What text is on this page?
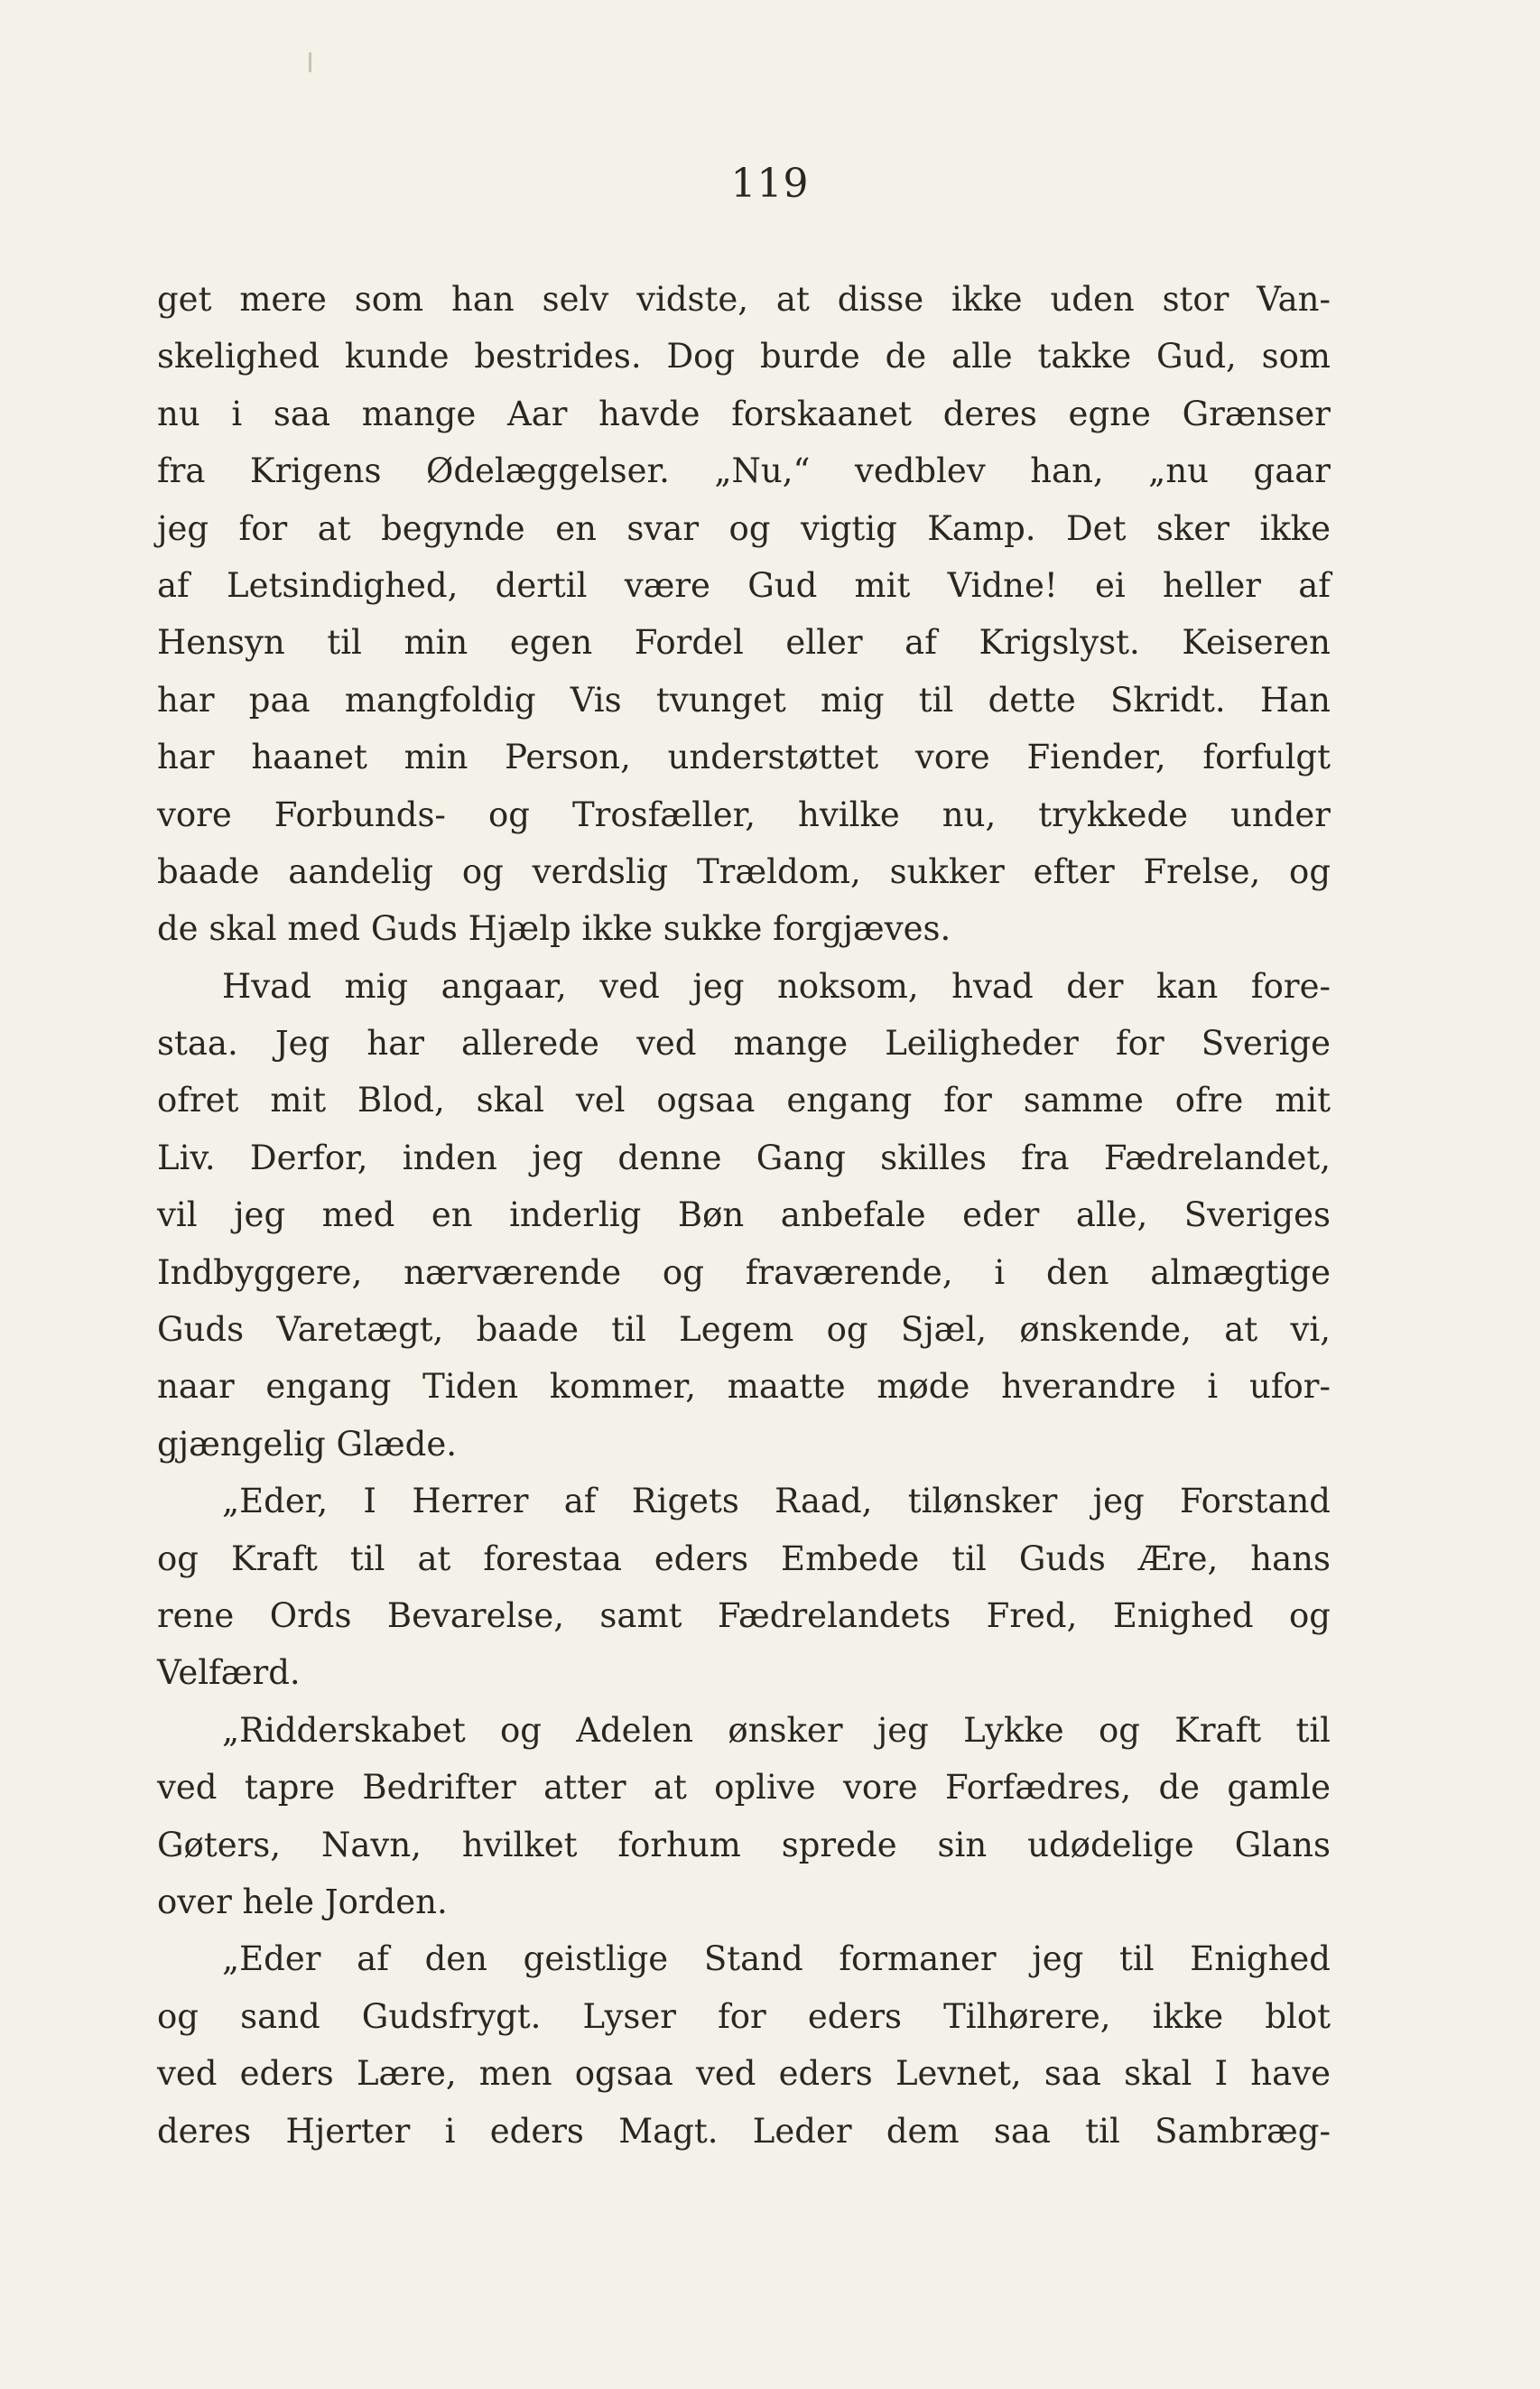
119
get mere som han selv vidste, at disse ikke uden stor Van-
skelighed kunde bestrides. Dog burde de alle takke Gud, som
nu i saa mange Aar havde forskaanet deres egne Grænser
fra Krigens Ødelæggelser. „Nu,“ vedblev han, „nu gaar
jeg for at begynde en svar og vigtig Kamp. Det sker ikke
af Letsindighed, dertil være Gud mit Vidne! ei heller af
Hensyn til min egen Fordel eller af Krigslyst. Keiseren
har paa mangfoldig Vis tvunget mig til dette Skridt. Han
har haanet min Person, understøttet vore Fiender, forfulgt
vore Forbunds- og Trosfæller, hvilke nu, trykkede under
baade aandelig og verdslig Trældom, sukker efter Frelse, og
de skal med Guds Hjælp ikke sukke forgjæves.
Hvad mig angaar, ved jeg noksom, hvad der kan fore-
staa. Jeg har allerede ved mange Leiligheder for Sverige
ofret mit Blod, skal vel ogsaa engang for samme ofre mit
Liv. Derfor, inden jeg denne Gang skilles fra Fædrelandet,
vil jeg med en inderlig Bøn anbefale eder alle, Sveriges
Indbyggere, nærværende og fraværende, i den almægtige
Guds Varetægt, baade til Legem og Sjæl, ønskende, at vi,
naar engang Tiden kommer, maatte møde hverandre i ufor-
gjængelig Glæde.
„Eder, I Herrer af Rigets Raad, tilønsker jeg Forstand
og Kraft til at forestaa eders Embede til Guds Ære, hans
rene Ords Bevarelse, samt Fædrelandets Fred, Enighed og
Velfærd.
„Ridderskabet og Adelen ønsker jeg Lykke og Kraft til
ved tapre Bedrifter atter at oplive vore Forfædres, de gamle
Gøters, Navn, hvilket forhum sprede sin udødelige Glans
over hele Jorden.
„Eder af den geistlige Stand formaner jeg til Enighed
og sand Gudsfrygt. Lyser for eders Tilhørere, ikke blot
ved eders Lære, men ogsaa ved eders Levnet, saa skal I have
deres Hjerter i eders Magt. Leder dem saa til Sambræg-
